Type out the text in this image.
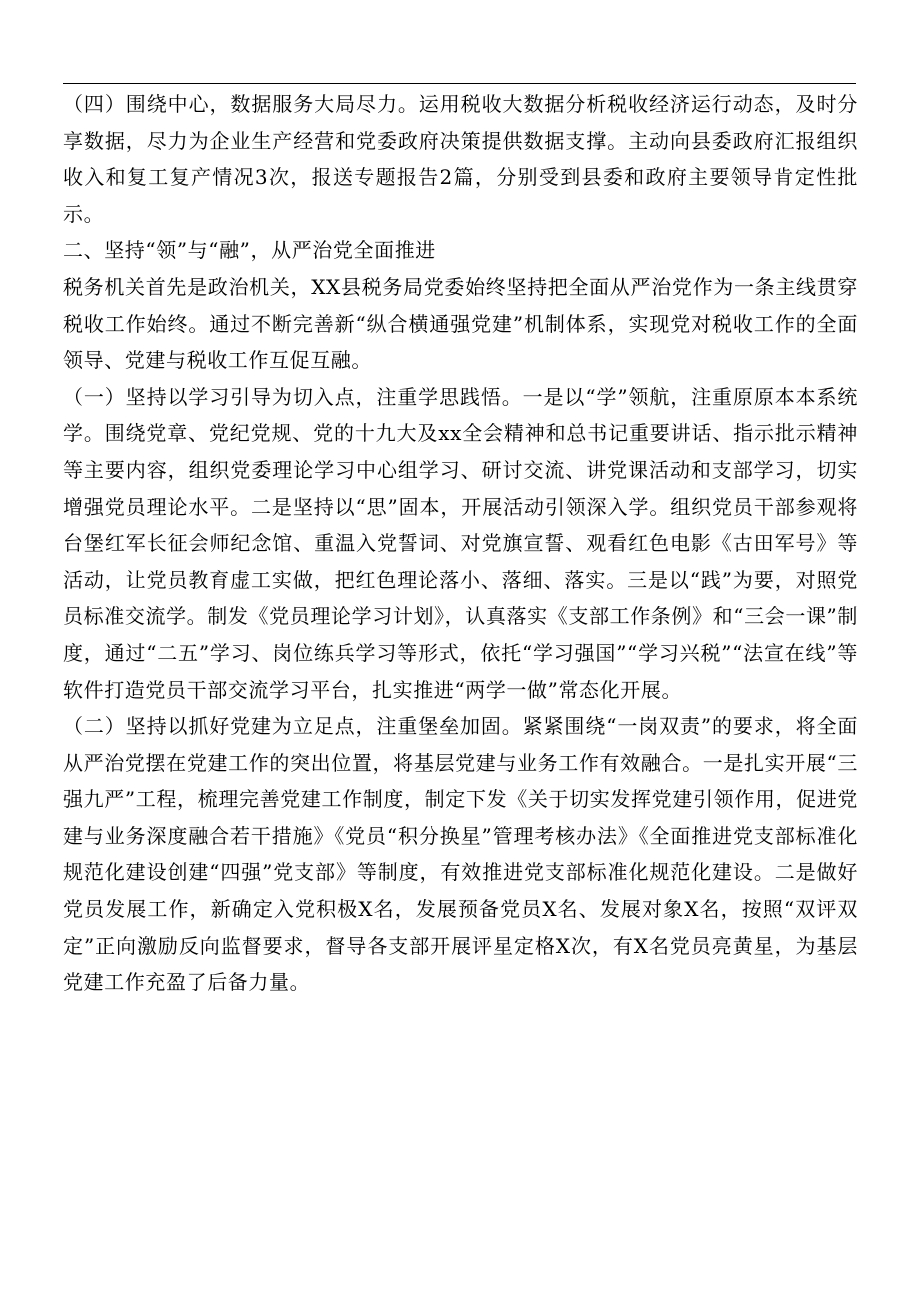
（四）围绕中心，数据服务大局尽力。运用税收大数据分析税收经济运行动态，及时分享数据，尽力为企业生产经营和党委政府决策提供数据支撑。主动向县委政府汇报组织收入和复工复产情况3次，报送专题报告2篇，分别受到县委和政府主要领导肯定性批示。

二、坚持“领”与“融”，从严治党全面推进

税务机关首先是政治机关，XX县税务局党委始终坚持把全面从严治党作为一条主线贯穿税收工作始终。通过不断完善新“纵合横通强党建”机制体系，实现党对税收工作的全面领导、党建与税收工作互促互融。

（一）坚持以学习引导为切入点，注重学思践悟。一是以“学”领航，注重原原本本系统学。围绕党章、党纪党规、党的十九大及xx全会精神和总书记重要讲话、指示批示精神等主要内容，组织党委理论学习中心组学习、研讨交流、讲党课活动和支部学习，切实增强党员理论水平。二是坚持以“思”固本，开展活动引领深入学。组织党员干部参观将台堡红军长征会师纪念馆、重温入党誓词、对党旗宣誓、观看红色电影《古田军号》等活动，让党员教育虚工实做，把红色理论落小、落细、落实。三是以“践”为要，对照党员标准交流学。制发《党员理论学习计划》，认真落实《支部工作条例》和“三会一课”制度，通过“二五”学习、岗位练兵学习等形式，依托“学习强国”“学习兴税”“法宣在线”等软件打造党员干部交流学习平台，扎实推进“两学一做”常态化开展。

（二）坚持以抓好党建为立足点，注重堡垒加固。紧紧围绕“一岗双责”的要求，将全面从严治党摆在党建工作的突出位置，将基层党建与业务工作有效融合。一是扎实开展“三强九严”工程，梳理完善党建工作制度，制定下发《关于切实发挥党建引领作用，促进党建与业务深度融合若干措施》《党员“积分换星”管理考核办法》《全面推进党支部标准化规范化建设创建“四强”党支部》等制度，有效推进党支部标准化规范化建设。二是做好党员发展工作，新确定入党积极X名，发展预备党员X名、发展对象X名，按照“双评双定”正向激励反向监督要求，督导各支部开展评星定格X次，有X名党员亮黄星，为基层党建工作充盈了后备力量。
